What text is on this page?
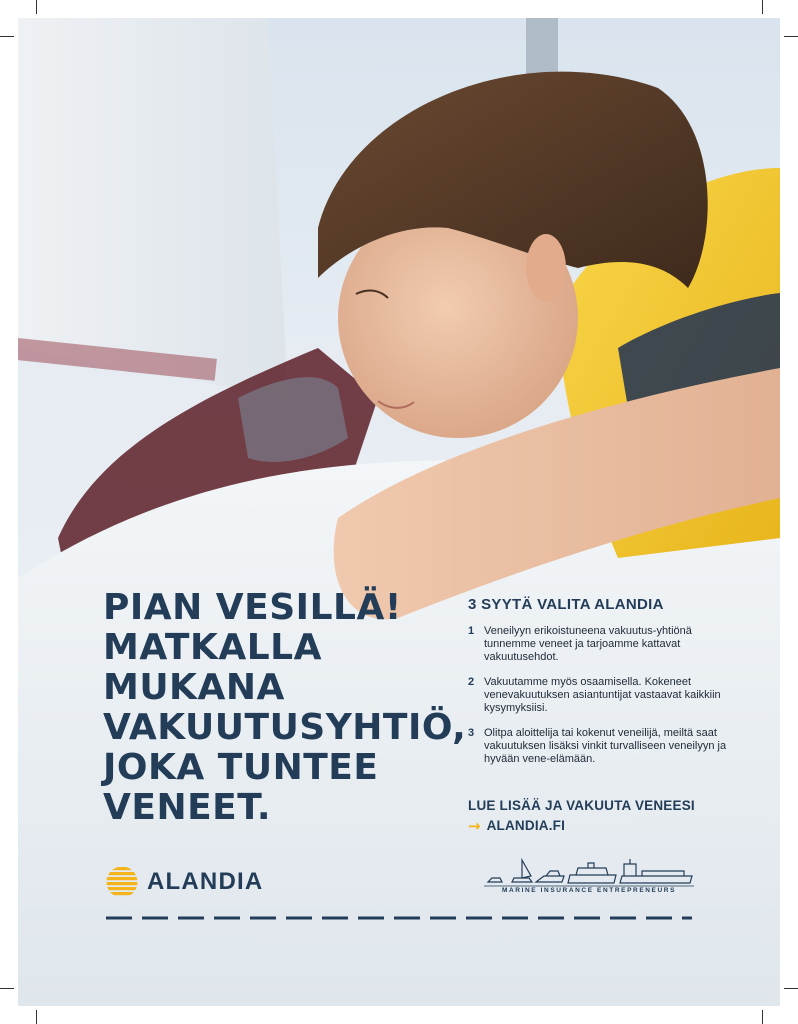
PIAN VESILLÄ!
MATKALLA
MUKANA
VAKUUTUSYHTIÖ,
JOKA TUNTEE
VENEET.
3 SYYTÄ VALITA ALANDIA
1 Veneilyyn erikoistuneena vakuutus-yhtiönä tunnemme veneet ja tarjoamme kattavat vakuutusehdot.
2 Vakuutamme myös osaamisella. Kokeneet venevakuutuksen asiantuntijat vastaavat kaikkiin kysymyksiisi.
3 Olitpa aloittelija tai kokenut veneilijä, meiltä saat vakuutuksen lisäksi vinkit turvalliseen veneilyyn ja hyvään vene-elämään.
LUE LISÄÄ JA VAKUUTA VENEESI
→ ALANDIA.FI
ALANDIA	MARINE INSURANCE ENTREPRENEURS
